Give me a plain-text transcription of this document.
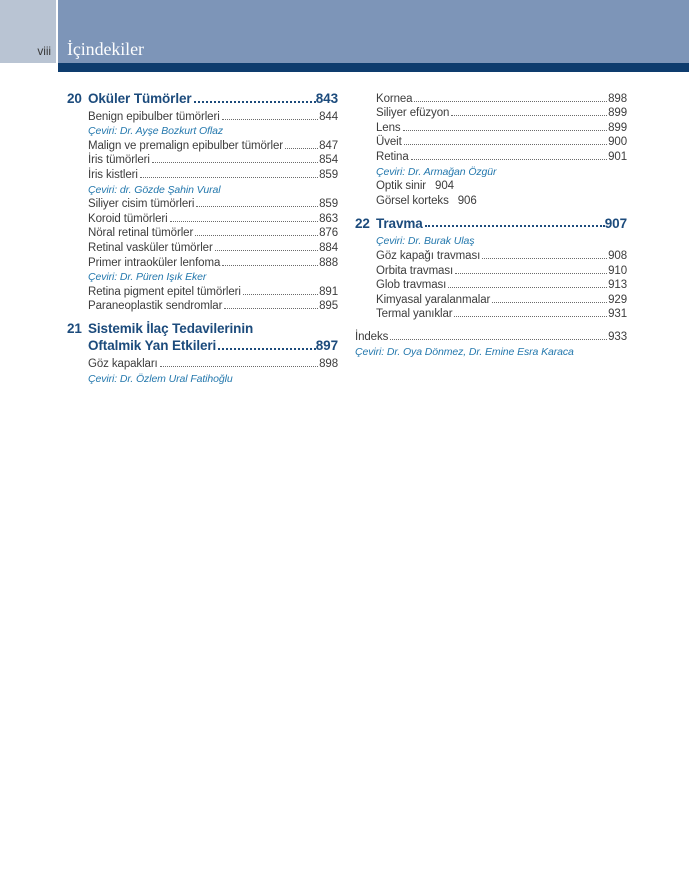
viii İçindekiler
20 Oküler Tümörler	843
Benign epibulber tümörleri	844
Çeviri: Dr. Ayşe Bozkurt Oflaz
Malign ve premalign epibulber tümörler	847
İris tümörleri	854
İris kistleri	859
Çeviri: dr. Gözde Şahin Vural
Siliyer cisim tümörleri	859
Koroid tümörleri	863
Nöral retinal tümörler	876
Retinal vasküler tümörler	884
Primer intraoküler lenfoma	888
Çeviri: Dr. Püren Işık Eker
Retina pigment epitel tümörleri	891
Paraneoplastik sendromlar	895
21 Sistemik İlaç Tedavilerinin
Oftalmik Yan Etkileri	897
Göz kapakları	898
Çeviri: Dr. Özlem Ural Fatihoğlu
Kornea	898
Siliyer efüzyon	899
Lens	899
Üveit	900
Retina	901
Çeviri: Dr. Armağan Özgür
Optik sinir 904
Görsel korteks 906
22 Travma	907
Çeviri: Dr. Burak Ulaş
Göz kapağı travması	908
Orbita travması	910
Glob travması	913
Kimyasal yaralanmalar	929
Termal yanıklar	931
İndeks	933
Çeviri: Dr. Oya Dönmez, Dr. Emine Esra Karaca
